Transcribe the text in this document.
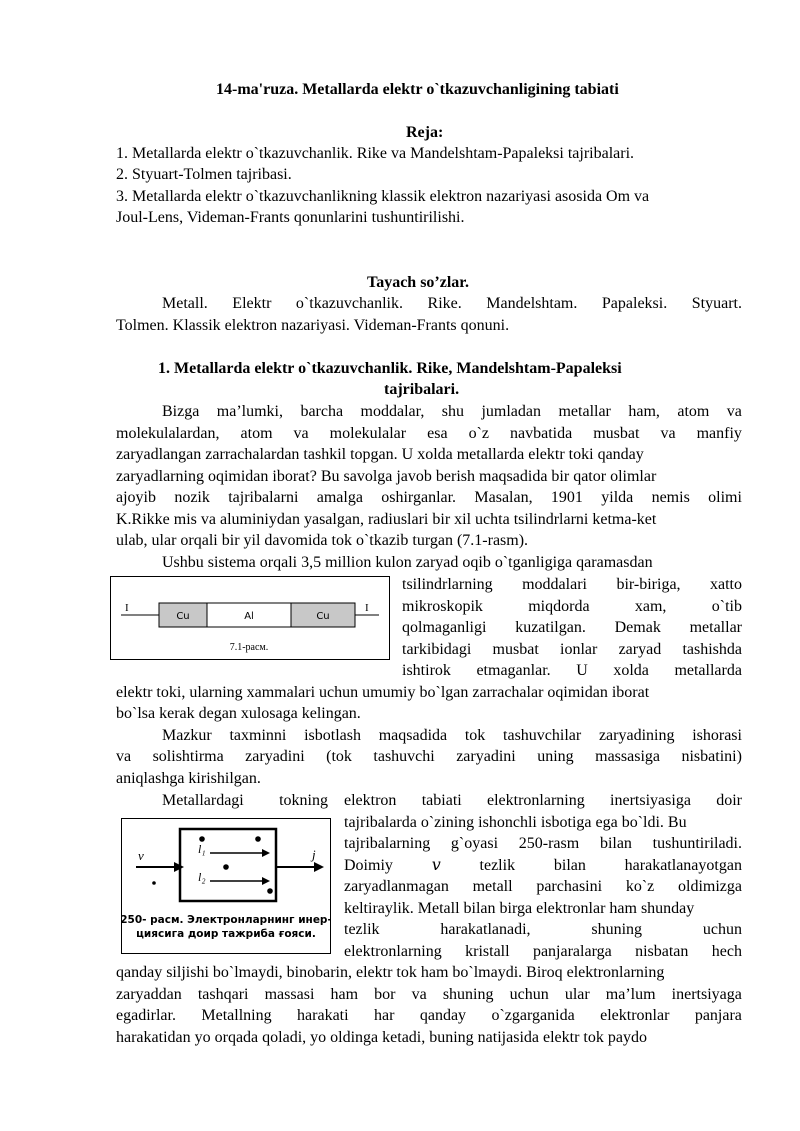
14-ma'ruza. Metallarda elektr o`tkazuvchanligining tabiati
Reja:
1. Metallarda elektr o`tkazuvchanlik. Rike va Mandelshtam-Papaleksi tajribalari.
2. Styuart-Tolmen tajribasi.
3. Metallarda elektr o`tkazuvchanlikning klassik elektron nazariyasi asosida Om va
Joul-Lens, Videman-Frants qonunlarini tushuntirilishi.
Tayach so’zlar.
Metall. Elektr o`tkazuvchanlik. Rike. Mandelshtam. Papaleksi. Styuart.
Tolmen. Klassik elektron nazariyasi. Videman-Frants qonuni.
1. Metallarda elektr o`tkazuvchanlik. Rike, Mandelshtam-Papaleksi
tajribalari.
Bizga ma’lumki, barcha moddalar, shu jumladan metallar ham, atom va
molekulalardan, atom va molekulalar esa o`z navbatida musbat va manfiy
zaryadlangan zarrachalardan tashkil topgan. U xolda metallarda elektr toki qanday
zaryadlarning oqimidan iborat? Bu savolga javob berish maqsadida bir qator olimlar
ajoyib nozik tajribalarni amalga oshirganlar. Masalan, 1901 yilda nemis olimi
K.Rikke mis va aluminiydan yasalgan, radiuslari bir xil uchta tsilindrlarni ketma-ket
ulab, ular orqali bir yil davomida tok o`tkazib turgan (7.1-rasm).
Ushbu sistema orqali 3,5 million kulon zaryad oqib o`tganligiga qaramasdan
I	I
Cu	Al	Cu
7.1-расм.
tsilindrlarning moddalari bir-biriga, xatto
mikroskopik	miqdorda	xam,	o`tib
qolmaganligi kuzatilgan. Demak metallar
tarkibidagi musbat ionlar zaryad tashishda
ishtirok etmaganlar. U xolda metallarda
elektr toki, ularning xammalari uchun umumiy bo`lgan zarrachalar oqimidan iborat
bo`lsa kerak degan xulosaga kelingan.
Mazkur taxminni isbotlash maqsadida tok tashuvchilar zaryadining ishorasi
va solishtirma zaryadini (tok tashuvchi zaryadini uning massasiga nisbatini)
aniqlashga kirishilgan.
Metallardagi tokning elektron tabiati elektronlarning inertsiyasiga doir
v	j
l₁
l₂
250- расм. Электронларнинг инер-
циясига доир тажриба ғояси.
tajribalarda o`zining ishonchli isbotiga ega bo`ldi. Bu
tajribalarning g`oyasi 250-rasm bilan tushuntiriladi.
Doimiy 𝑣 tezlik bilan harakatlanayotgan
zaryadlanmagan metall parchasini ko`z oldimizga
keltiraylik. Metall bilan birga elektronlar ham shunday
tezlik	harakatlanadi,	shuning	uchun
elektronlarning kristall panjaralarga nisbatan hech
qanday siljishi bo`lmaydi, binobarin, elektr tok ham bo`lmaydi. Biroq elektronlarning
zaryaddan tashqari massasi ham bor va shuning uchun ular ma’lum inertsiyaga
egadirlar. Metallning harakati har qanday o`zgarganida elektronlar panjara
harakatidan yo orqada qoladi, yo oldinga ketadi, buning natijasida elektr tok paydo
